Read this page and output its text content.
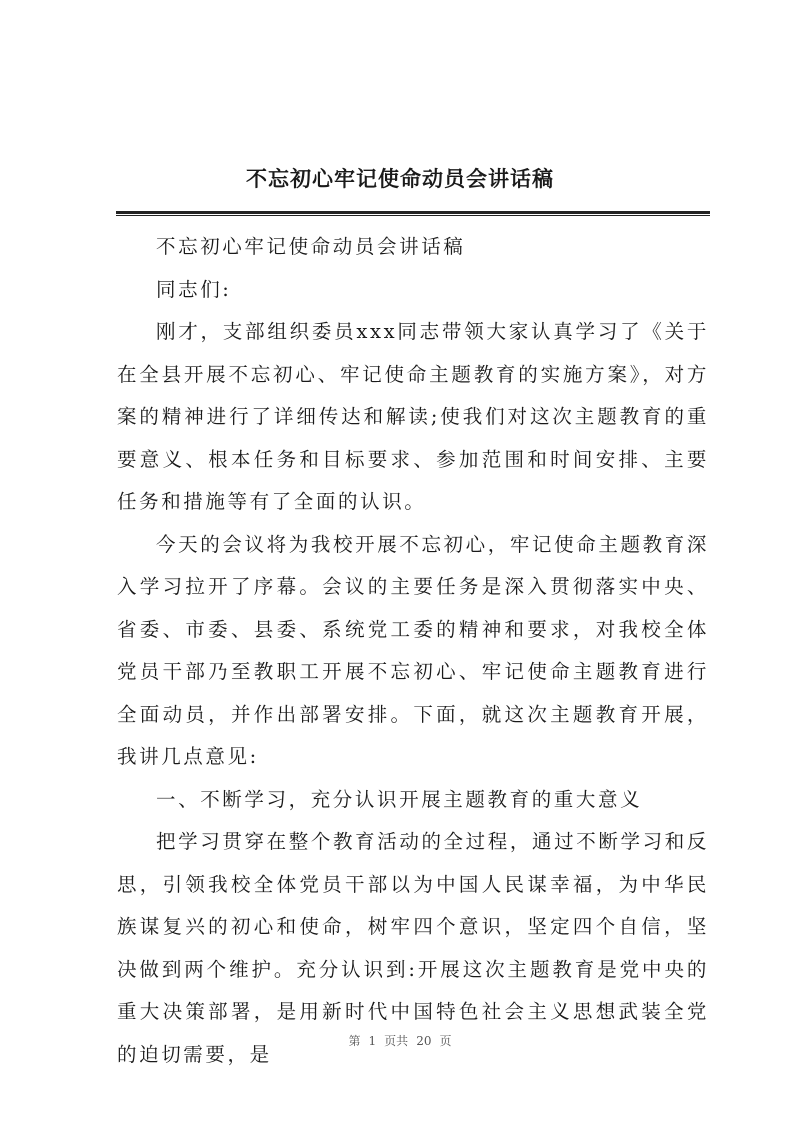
不忘初心牢记使命动员会讲话稿

不忘初心牢记使命动员会讲话稿

同志们:

刚才，支部组织委员xxx同志带领大家认真学习了《关于在全县开展不忘初心、牢记使命主题教育的实施方案》，对方案的精神进行了详细传达和解读;使我们对这次主题教育的重要意义、根本任务和目标要求、参加范围和时间安排、主要任务和措施等有了全面的认识。

今天的会议将为我校开展不忘初心，牢记使命主题教育深入学习拉开了序幕。会议的主要任务是深入贯彻落实中央、省委、市委、县委、系统党工委的精神和要求，对我校全体党员干部乃至教职工开展不忘初心、牢记使命主题教育进行全面动员，并作出部署安排。下面，就这次主题教育开展，我讲几点意见:

一、不断学习，充分认识开展主题教育的重大意义

把学习贯穿在整个教育活动的全过程，通过不断学习和反思，引领我校全体党员干部以为中国人民谋幸福，为中华民族谋复兴的初心和使命，树牢四个意识，坚定四个自信，坚决做到两个维护。充分认识到:开展这次主题教育是党中央的重大决策部署，是用新时代中国特色社会主义思想武装全党的迫切需要，是

第 1 页共 20 页
